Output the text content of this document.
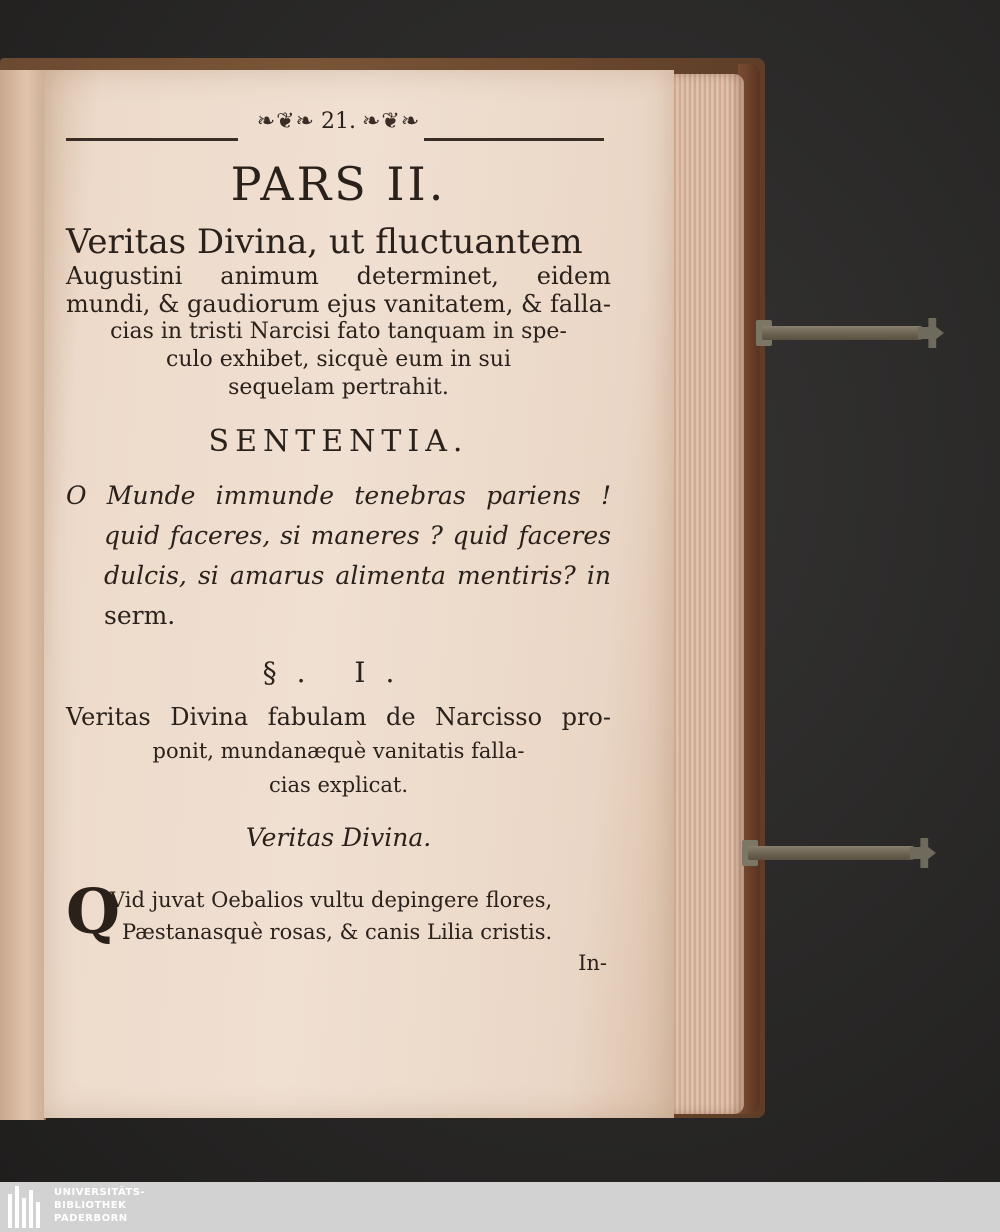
❧❦❧ 21. ❧❦❧
PARS II.
Veritas Divina, ut fluctuantem
Augustini animum determinet, eidem
mundi, & gaudiorum ejus vanitatem, & falla-
cias in tristi Narcisi fato tanquam in spe-
culo exhibet, sicquè eum in sui
sequelam pertrahit.
SENTENTIA.
O Munde immunde tenebras pariens !
quid faceres, si maneres ? quid faceres
dulcis, si amarus alimenta mentiris? in
serm.
§. I.
Veritas Divina fabulam de Narcisso pro-
ponit, mundanæquè vanitatis falla-
cias explicat.
Veritas Divina.
Q
Vid juvat Oebalios vultu depingere flores,
Pæstanasquè rosas, & canis Lilia cristis.
In-
UNIVERSITÄTS-
BIBLIOTHEK
PADERBORN
